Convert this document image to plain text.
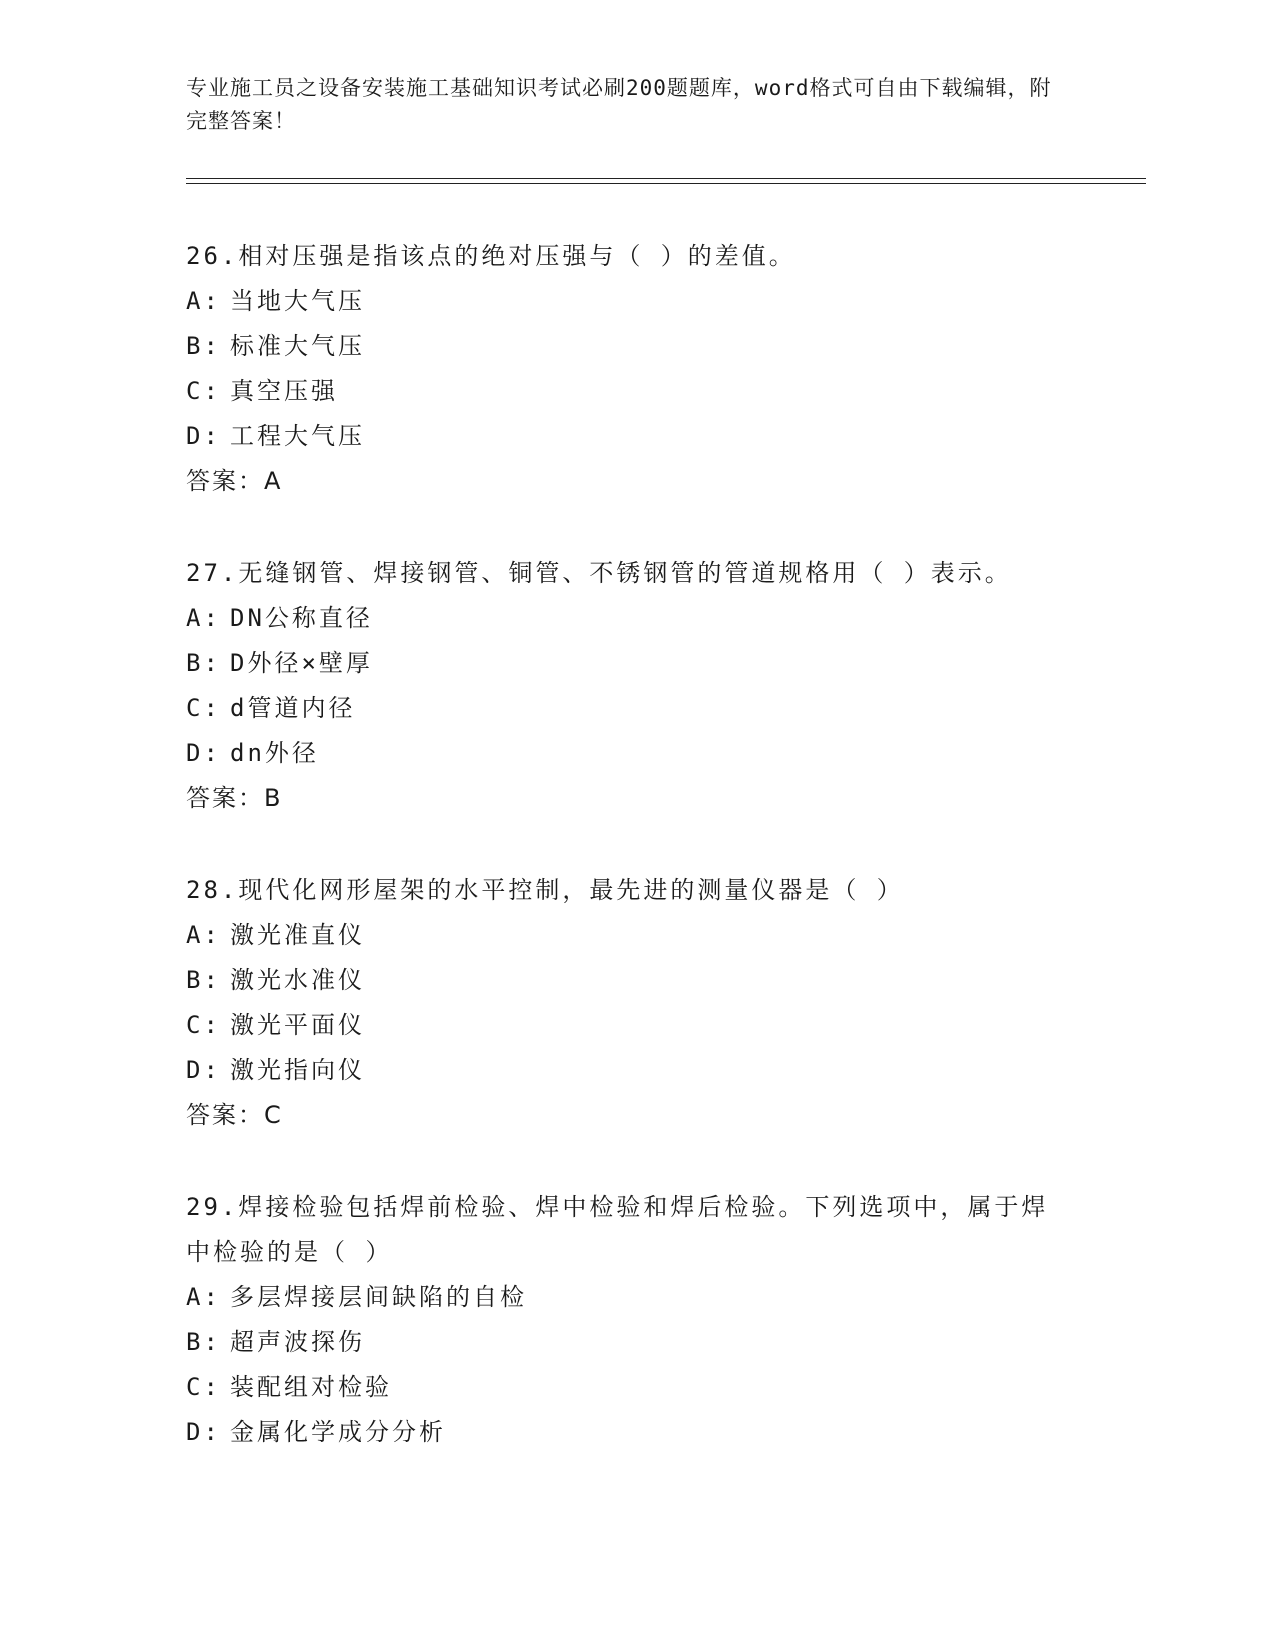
专业施工员之设备安装施工基础知识考试必刷200题题库，word格式可自由下载编辑，附完整答案！

26.相对压强是指该点的绝对压强与（ ）的差值。

A: 当地大气压

B: 标准大气压

C: 真空压强

D: 工程大气压

答案：A

27.无缝钢管、焊接钢管、铜管、不锈钢管的管道规格用（ ）表示。

A: DN公称直径

B: D外径×壁厚

C: d管道内径

D: dn外径

答案：B

28.现代化网形屋架的水平控制，最先进的测量仪器是（ ）

A: 激光准直仪

B: 激光水准仪

C: 激光平面仪

D: 激光指向仪

答案：C

29.焊接检验包括焊前检验、焊中检验和焊后检验。下列选项中，属于焊中检验的是（ ）

A: 多层焊接层间缺陷的自检

B: 超声波探伤

C: 装配组对检验

D: 金属化学成分分析
